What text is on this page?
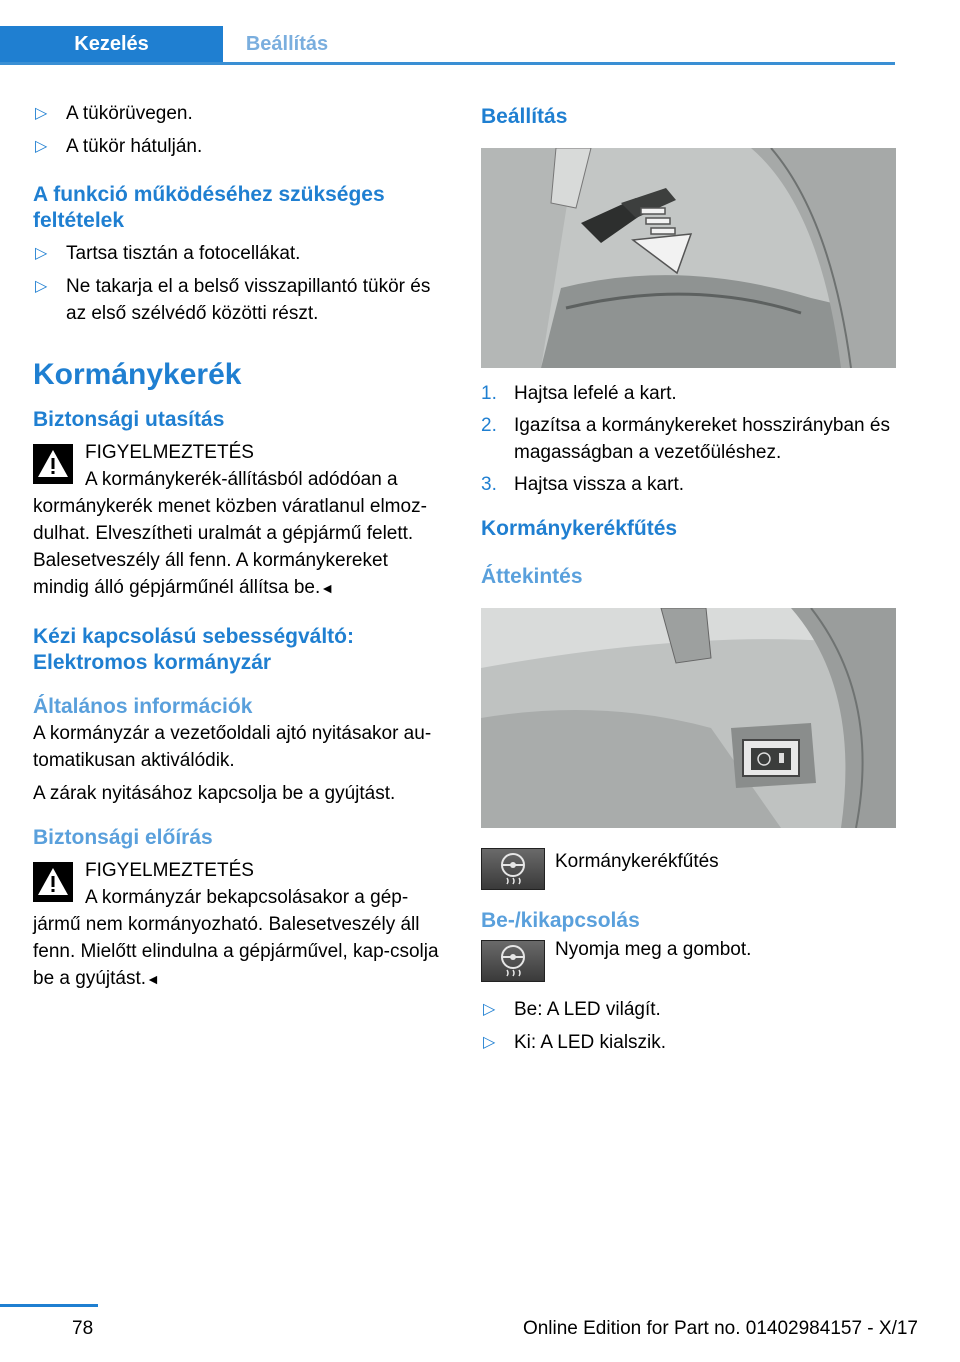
Kezelés	Beállítás
▷ A tükörüvegen.
▷ A tükör hátulján.
A funkció működéséhez szükséges feltételek
▷ Tartsa tisztán a fotocellákat.
▷ Ne takarja el a belső visszapillantó tükör és az első szélvédő közötti részt.
Kormánykerék
Biztonsági utasítás
FIGYELMEZTETÉS
A kormánykerék-állításból adódóan a kormánykerék menet közben váratlanul elmoz-dulhat. Elveszítheti uralmát a gépjármű felett. Balesetveszély áll fenn. A kormánykereket mindig álló gépjárműnél állítsa be.◄
Kézi kapcsolású sebességváltó: Elektromos kormányzár
Általános információk

A kormányzár a vezetőoldali ajtó nyitásakor au-tomatikusan aktiválódik.

A zárak nyitásához kapcsolja be a gyújtást.

Biztonsági előírás
FIGYELMEZTETÉS
A kormányzár bekapcsolásakor a gép-jármű nem kormányozható. Balesetveszély áll fenn. Mielőtt elindulna a gépjárművel, kap-csolja be a gyújtást.◄
Beállítás
1. Hajtsa lefelé a kart.
2. Igazítsa a kormánykereket hosszirányban és magasságban a vezetőüléshez.
3. Hajtsa vissza a kart.
Kormánykerékfűtés
Áttekintés
Kormánykerékfűtés
Be-/kikapcsolás
Nyomja meg a gombot.
▷ Be: A LED világít.
▷ Ki: A LED kialszik.
78	Online Edition for Part no. 01402984157 - X/17
